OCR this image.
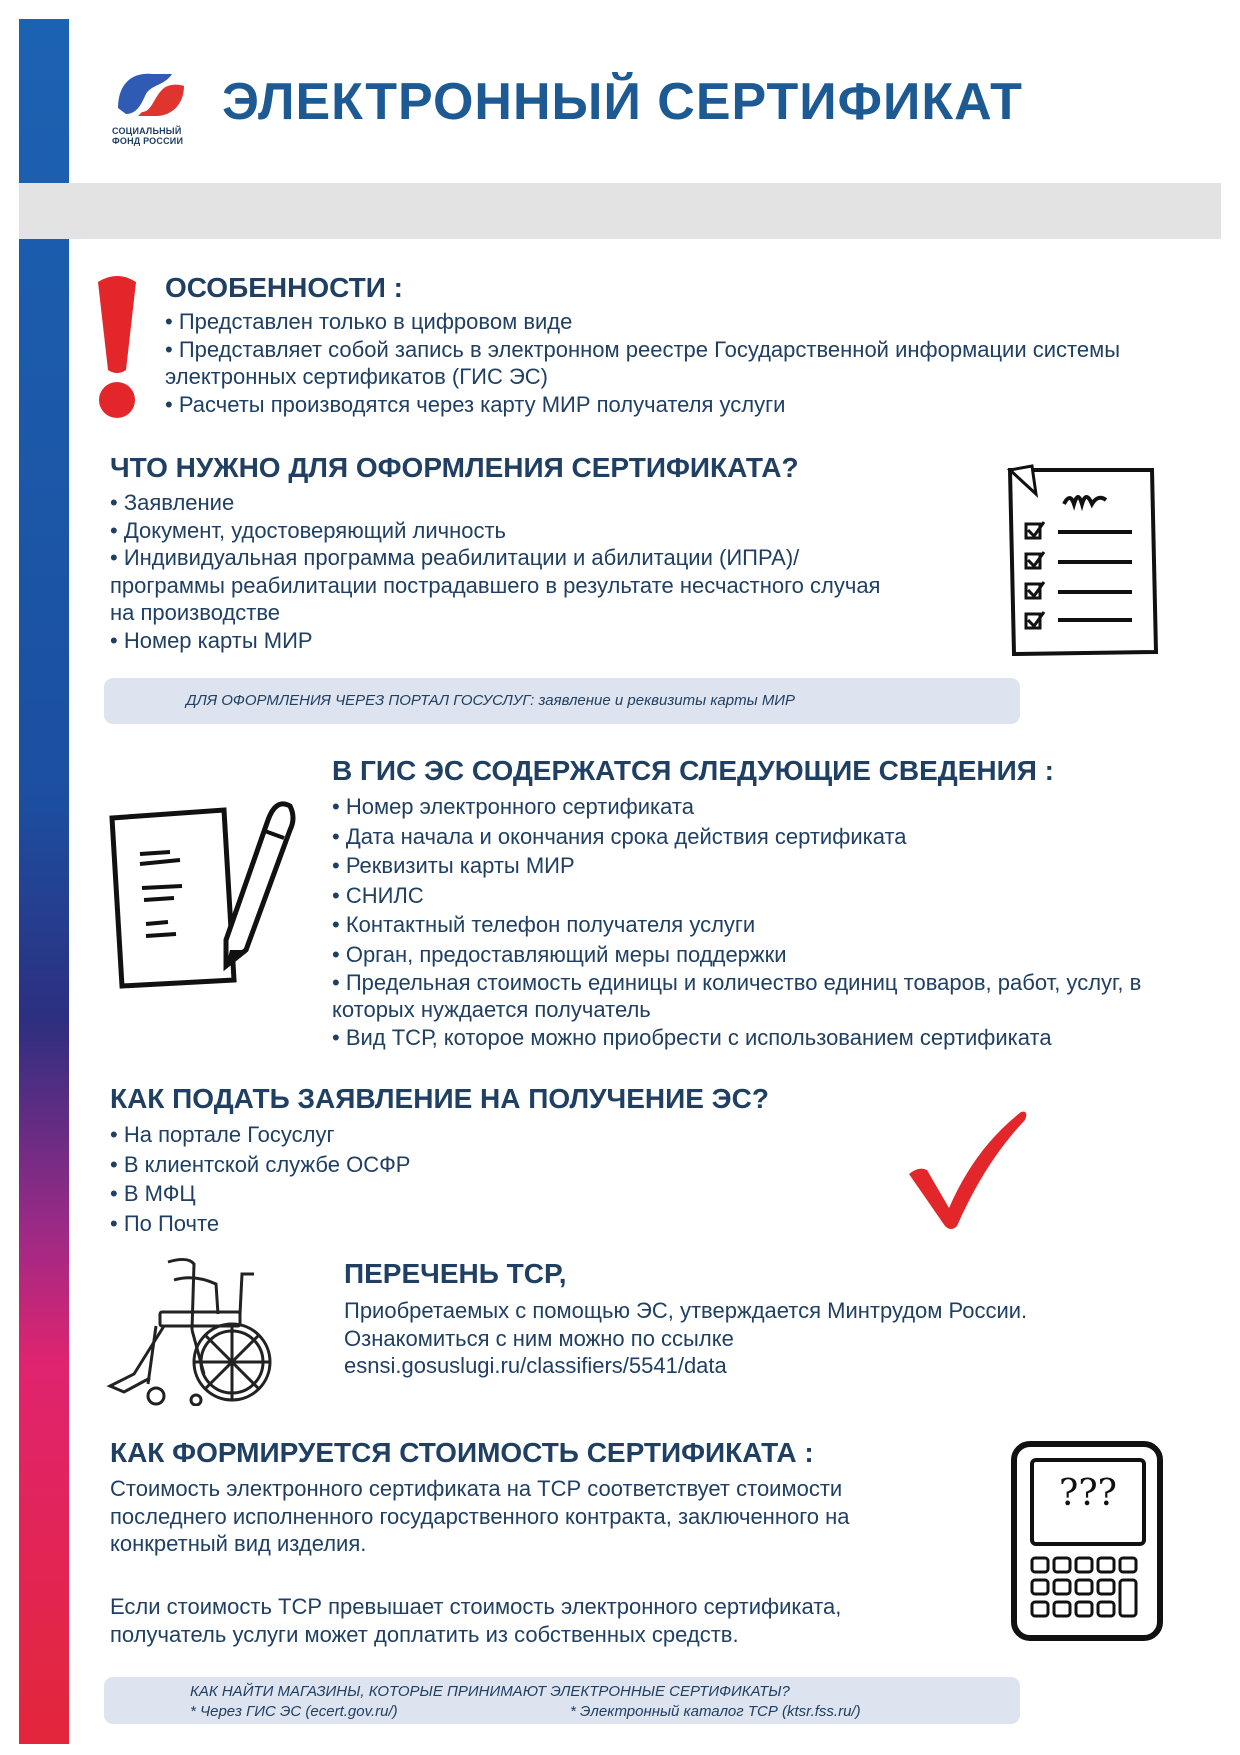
СОЦИАЛЬНЫЙ
ФОНД РОССИИ
ЭЛЕКТРОННЫЙ СЕРТИФИКАТ
ОСОБЕННОСТИ :
• Представлен только в цифровом виде
• Представляет собой запись в электронном реестре Государственной информации системы электронных сертификатов (ГИС ЭС)
• Расчеты производятся через карту МИР получателя услуги
ЧТО НУЖНО ДЛЯ ОФОРМЛЕНИЯ СЕРТИФИКАТА?
• Заявление
• Документ, удостоверяющий личность
• Индивидуальная программа реабилитации и абилитации (ИПРА)/программы реабилитации пострадавшего в результате несчастного случая на производстве
• Номер карты МИР
ДЛЯ ОФОРМЛЕНИЯ ЧЕРЕЗ ПОРТАЛ ГОСУСЛУГ: заявление и реквизиты карты МИР
В ГИС ЭС СОДЕРЖАТСЯ СЛЕДУЮЩИЕ СВЕДЕНИЯ :
• Номер электронного сертификата
• Дата начала и окончания срока действия сертификата
• Реквизиты карты МИР
• СНИЛС
• Контактный телефон получателя услуги
• Орган, предоставляющий меры поддержки
• Предельная стоимость единицы и количество единиц товаров, работ, услуг, в которых нуждается получатель
• Вид ТСР, которое можно приобрести с использованием сертификата
КАК ПОДАТЬ ЗАЯВЛЕНИЕ НА ПОЛУЧЕНИЕ ЭС?
• На портале Госуслуг
• В клиентской службе ОСФР
• В МФЦ
• По Почте
ПЕРЕЧЕНЬ ТСР,

Приобретаемых с помощью ЭС, утверждается Минтрудом России.

Ознакомиться с ним можно по ссылке

esnsi.gosuslugi.ru/classifiers/5541/data
КАК ФОРМИРУЕТСЯ СТОИМОСТЬ СЕРТИФИКАТА :

Стоимость электронного сертификата на ТСР соответствует стоимости последнего исполненного государственного контракта, заключенного на конкретный вид изделия.

Если стоимость ТСР превышает стоимость электронного сертификата, получатель услуги может доплатить из собственных средств.

???
КАК НАЙТИ МАГАЗИНЫ, КОТОРЫЕ ПРИНИМАЮТ ЭЛЕКТРОННЫЕ СЕРТИФИКАТЫ?
* Через ГИС ЭС (ecert.gov.ru/)	* Электронный каталог ТСР (ktsr.fss.ru/)
